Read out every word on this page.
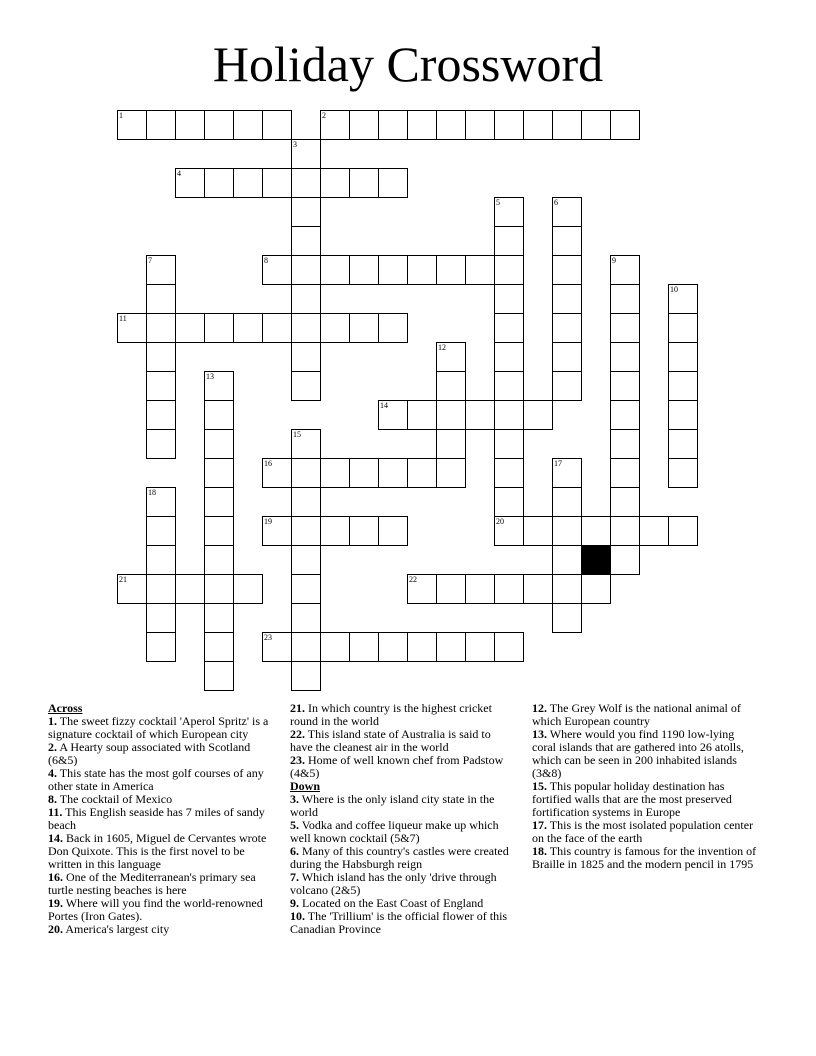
Holiday Crossword
1	2
3
4
5	6
7	8	9
10
11
12
13
14
15
16	17
18
19	20
21	22
23

Across

1. The sweet fizzy cocktail 'Aperol Spritz' is a signature cocktail of which European city

2. A Hearty soup associated with Scotland (6&5)

4. This state has the most golf courses of any other state in America

8. The cocktail of Mexico

11. This English seaside has 7 miles of sandy beach

14. Back in 1605, Miguel de Cervantes wrote Don Quixote. This is the first novel to be written in this language

16. One of the Mediterranean's primary sea turtle nesting beaches is here

19. Where will you find the world-renowned Portes (Iron Gates).

20. America's largest city

21. In which country is the highest cricket round in the world

22. This island state of Australia is said to have the cleanest air in the world

23. Home of well known chef from Padstow (4&5)

Down

3. Where is the only island city state in the world

5. Vodka and coffee liqueur make up which well known cocktail (5&7)

6. Many of this country's castles were created during the Habsburgh reign

7. Which island has the only 'drive through volcano (2&5)

9. Located on the East Coast of England

10. The 'Trillium' is the official flower of this Canadian Province

12. The Grey Wolf is the national animal of which European country

13. Where would you find 1190 low-lying coral islands that are gathered into 26 atolls, which can be seen in 200 inhabited islands (3&8)

15. This popular holiday destination has fortified walls that are the most preserved fortification systems in Europe

17. This is the most isolated population center on the face of the earth

18. This country is famous for the invention of Braille in 1825 and the modern pencil in 1795
